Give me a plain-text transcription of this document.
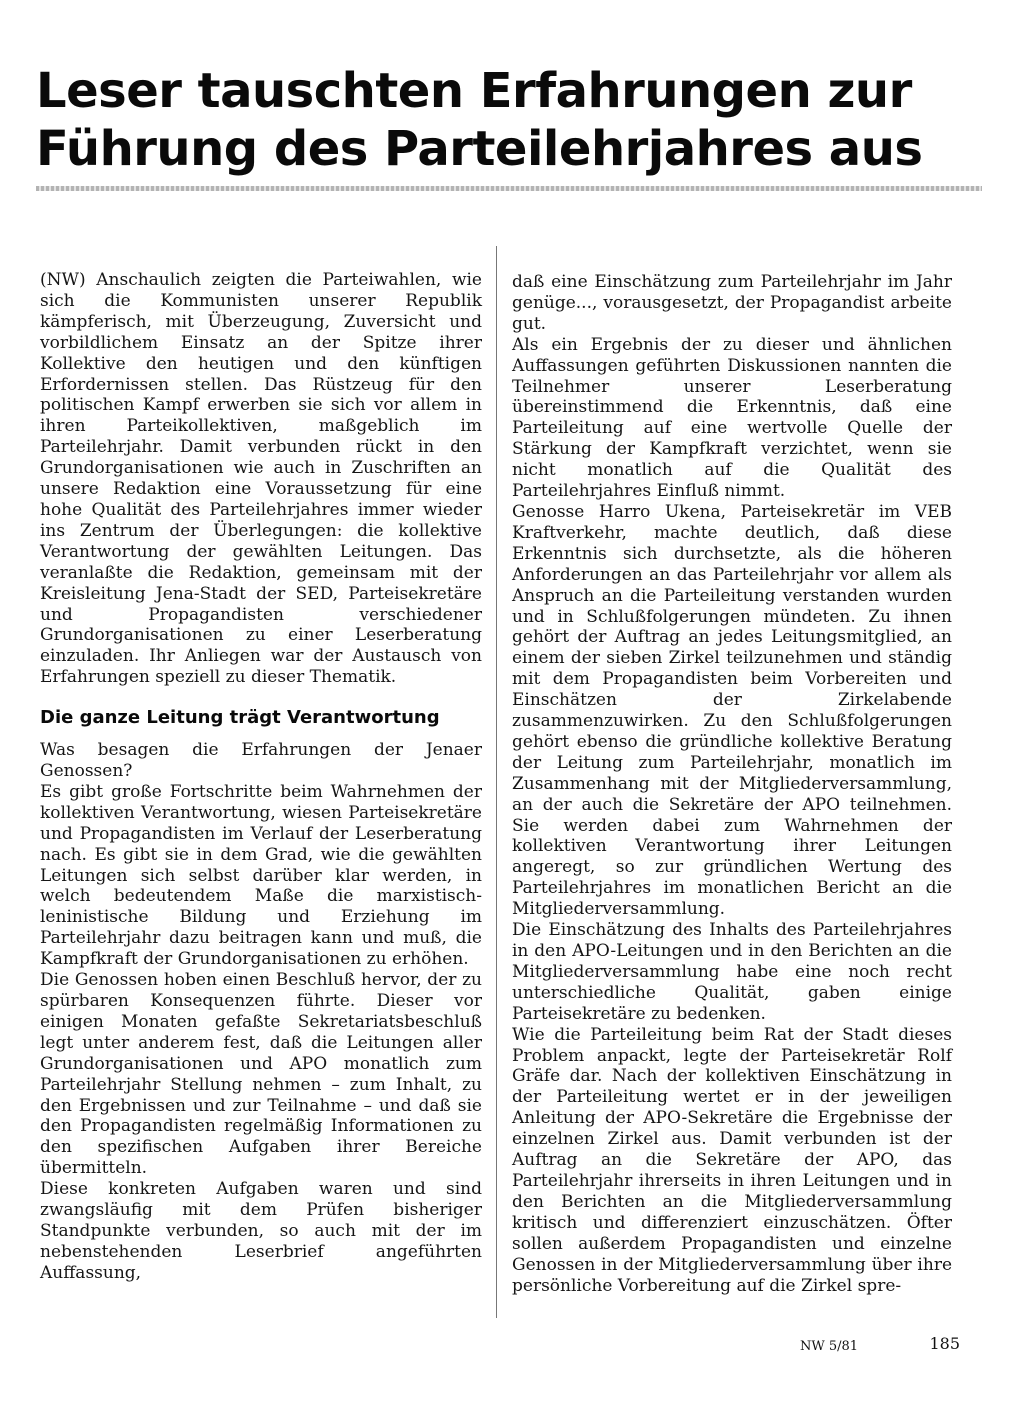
Leser tauschten Erfahrungen zur
Führung des Parteilehrjahres aus

(NW) Anschaulich zeigten die Parteiwahlen, wie sich die Kommunisten unserer Republik kämpferisch, mit Überzeugung, Zuversicht und vorbildlichem Einsatz an der Spitze ihrer Kollektive den heutigen und den künftigen Erfordernissen stellen. Das Rüstzeug für den politischen Kampf erwerben sie sich vor allem in ihren Parteikollektiven, maßgeblich im Parteilehrjahr. Damit verbunden rückt in den Grundorganisationen wie auch in Zuschriften an unsere Redaktion eine Voraussetzung für eine hohe Qualität des Parteilehrjahres immer wieder ins Zentrum der Überlegungen: die kollektive Verantwortung der gewählten Leitungen. Das veranlaßte die Redaktion, gemeinsam mit der Kreisleitung Jena-Stadt der SED, Parteisekretäre und Propagandisten verschiedener Grundorganisationen zu einer Leserberatung einzuladen. Ihr Anliegen war der Austausch von Erfahrungen speziell zu dieser Thematik.

Die ganze Leitung trägt Verantwortung

Was besagen die Erfahrungen der Jenaer Genossen?

Es gibt große Fortschritte beim Wahrnehmen der kollektiven Verantwortung, wiesen Parteisekretäre und Propagandisten im Verlauf der Leserberatung nach. Es gibt sie in dem Grad, wie die gewählten Leitungen sich selbst darüber klar werden, in welch bedeutendem Maße die marxistisch-leninistische Bildung und Erziehung im Parteilehrjahr dazu beitragen kann und muß, die Kampfkraft der Grundorganisationen zu erhöhen.

Die Genossen hoben einen Beschluß hervor, der zu spürbaren Konsequenzen führte. Dieser vor einigen Monaten gefaßte Sekretariatsbeschluß legt unter anderem fest, daß die Leitungen aller Grundorganisationen und APO monatlich zum Parteilehrjahr Stellung nehmen – zum Inhalt, zu den Ergebnissen und zur Teilnahme – und daß sie den Propagandisten regelmäßig Informationen zu den spezifischen Aufgaben ihrer Bereiche übermitteln.

Diese konkreten Aufgaben waren und sind zwangsläufig mit dem Prüfen bisheriger Standpunkte verbunden, so auch mit der im nebenstehenden Leserbrief angeführten Auffassung,

daß eine Einschätzung zum Parteilehrjahr im Jahr genüge..., vorausgesetzt, der Propagandist arbeite gut.

Als ein Ergebnis der zu dieser und ähnlichen Auffassungen geführten Diskussionen nannten die Teilnehmer unserer Leserberatung übereinstimmend die Erkenntnis, daß eine Parteileitung auf eine wertvolle Quelle der Stärkung der Kampfkraft verzichtet, wenn sie nicht monatlich auf die Qualität des Parteilehrjahres Einfluß nimmt.

Genosse Harro Ukena, Parteisekretär im VEB Kraftverkehr, machte deutlich, daß diese Erkenntnis sich durchsetzte, als die höheren Anforderungen an das Parteilehrjahr vor allem als Anspruch an die Parteileitung verstanden wurden und in Schlußfolgerungen mündeten. Zu ihnen gehört der Auftrag an jedes Leitungsmitglied, an einem der sieben Zirkel teilzunehmen und ständig mit dem Propagandisten beim Vorbereiten und Einschätzen der Zirkelabende zusammenzuwirken. Zu den Schlußfolgerungen gehört ebenso die gründliche kollektive Beratung der Leitung zum Parteilehrjahr, monatlich im Zusammenhang mit der Mitgliederversammlung, an der auch die Sekretäre der APO teilnehmen. Sie werden dabei zum Wahrnehmen der kollektiven Verantwortung ihrer Leitungen angeregt, so zur gründlichen Wertung des Parteilehrjahres im monatlichen Bericht an die Mitgliederversammlung.

Die Einschätzung des Inhalts des Parteilehrjahres in den APO-Leitungen und in den Berichten an die Mitgliederversammlung habe eine noch recht unterschiedliche Qualität, gaben einige Parteisekretäre zu bedenken.

Wie die Parteileitung beim Rat der Stadt dieses Problem anpackt, legte der Parteisekretär Rolf Gräfe dar. Nach der kollektiven Einschätzung in der Parteileitung wertet er in der jeweiligen Anleitung der APO-Sekretäre die Ergebnisse der einzelnen Zirkel aus. Damit verbunden ist der Auftrag an die Sekretäre der APO, das Parteilehrjahr ihrerseits in ihren Leitungen und in den Berichten an die Mitgliederversammlung kritisch und differenziert einzuschätzen. Öfter sollen außerdem Propagandisten und einzelne Genossen in der Mitgliederversammlung über ihre persönliche Vorbereitung auf die Zirkel spre-

NW 5/81	185
